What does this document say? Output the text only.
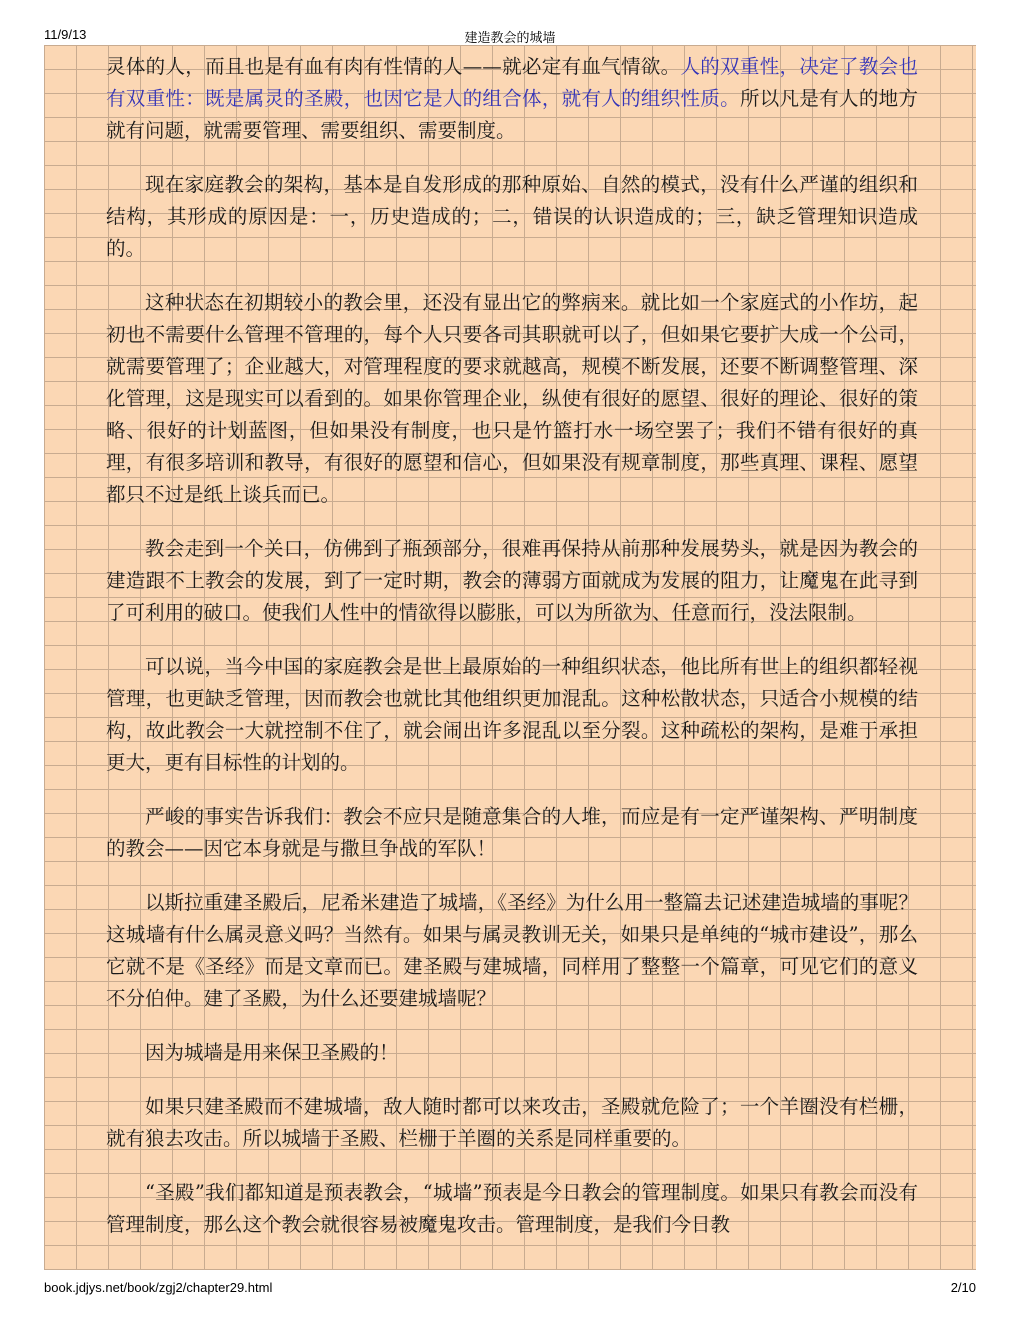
11/9/13	建造教会的城墙

灵体的人，而且也是有血有肉有性情的人——就必定有血气情欲。人的双重性，决定了教会也有双重性：既是属灵的圣殿，也因它是人的组合体，就有人的组织性质。所以凡是有人的地方就有问题，就需要管理、需要组织、需要制度。

现在家庭教会的架构，基本是自发形成的那种原始、自然的模式，没有什么严谨的组织和结构，其形成的原因是：一，历史造成的；二，错误的认识造成的；三，缺乏管理知识造成的。

这种状态在初期较小的教会里，还没有显出它的弊病来。就比如一个家庭式的小作坊，起初也不需要什么管理不管理的，每个人只要各司其职就可以了，但如果它要扩大成一个公司，就需要管理了；企业越大，对管理程度的要求就越高，规模不断发展，还要不断调整管理、深化管理，这是现实可以看到的。如果你管理企业，纵使有很好的愿望、很好的理论、很好的策略、很好的计划蓝图，但如果没有制度，也只是竹篮打水一场空罢了；我们不错有很好的真理，有很多培训和教导，有很好的愿望和信心，但如果没有规章制度，那些真理、课程、愿望都只不过是纸上谈兵而已。

教会走到一个关口，仿佛到了瓶颈部分，很难再保持从前那种发展势头，就是因为教会的建造跟不上教会的发展，到了一定时期，教会的薄弱方面就成为发展的阻力，让魔鬼在此寻到了可利用的破口。使我们人性中的情欲得以膨胀，可以为所欲为、任意而行，没法限制。

可以说，当今中国的家庭教会是世上最原始的一种组织状态，他比所有世上的组织都轻视管理，也更缺乏管理，因而教会也就比其他组织更加混乱。这种松散状态，只适合小规模的结构，故此教会一大就控制不住了，就会闹出许多混乱以至分裂。这种疏松的架构，是难于承担更大，更有目标性的计划的。

严峻的事实告诉我们：教会不应只是随意集合的人堆，而应是有一定严谨架构、严明制度的教会——因它本身就是与撒旦争战的军队！

以斯拉重建圣殿后，尼希米建造了城墙，《圣经》为什么用一整篇去记述建造城墙的事呢？这城墙有什么属灵意义吗？当然有。如果与属灵教训无关，如果只是单纯的“城市建设”，那么它就不是《圣经》而是文章而已。建圣殿与建城墙，同样用了整整一个篇章，可见它们的意义不分伯仲。建了圣殿，为什么还要建城墙呢？

因为城墙是用来保卫圣殿的！

如果只建圣殿而不建城墙，敌人随时都可以来攻击，圣殿就危险了；一个羊圈没有栏栅，就有狼去攻击。所以城墙于圣殿、栏栅于羊圈的关系是同样重要的。

“圣殿”我们都知道是预表教会，“城墙”预表是今日教会的管理制度。如果只有教会而没有管理制度，那么这个教会就很容易被魔鬼攻击。管理制度，是我们今日教

book.jdjys.net/book/zgj2/chapter29.html	2/10
